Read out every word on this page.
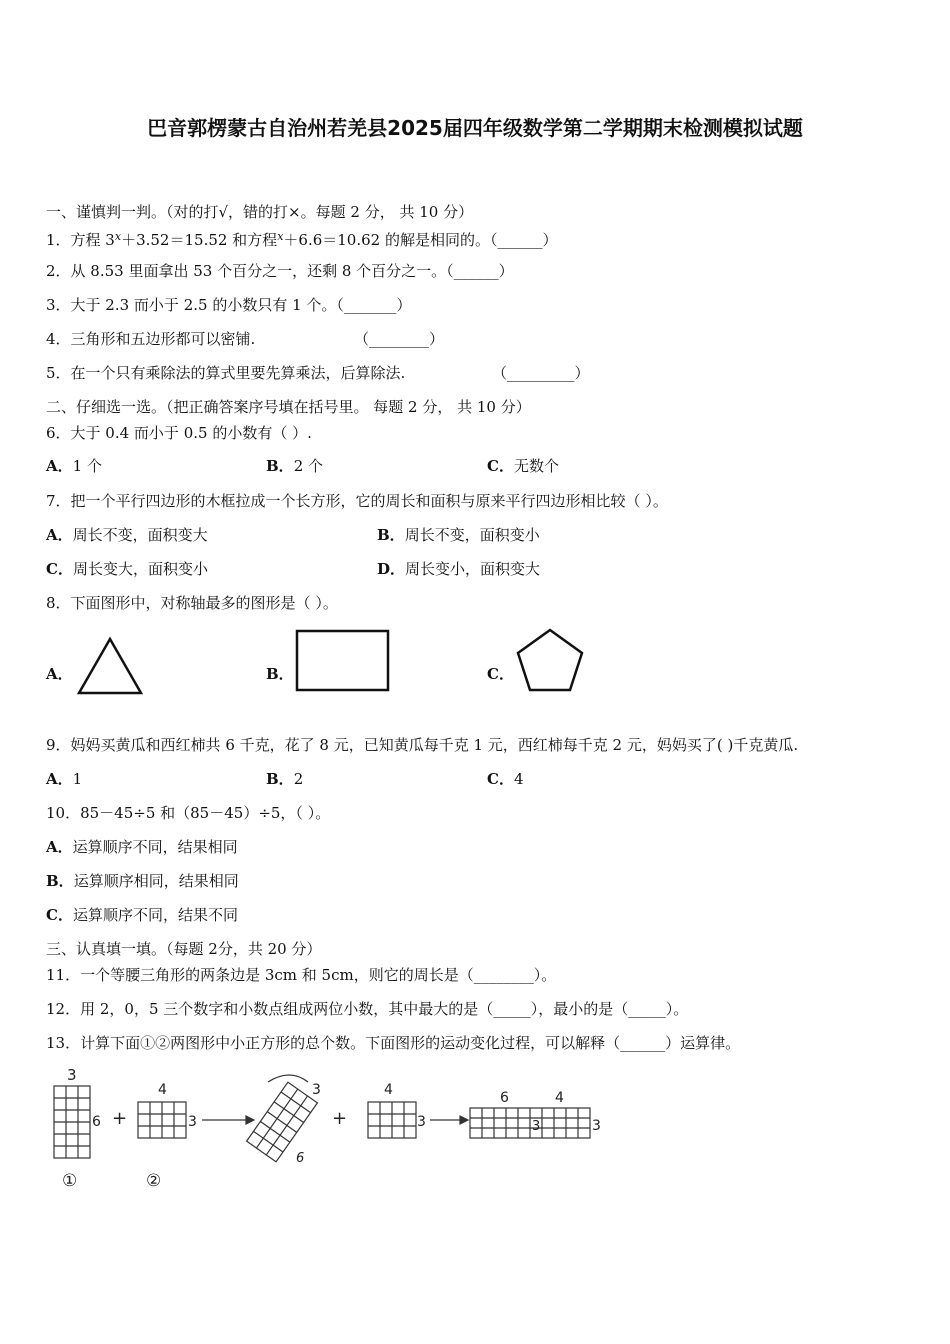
巴音郭楞蒙古自治州若羌县2025届四年级数学第二学期期末检测模拟试题
一、谨慎判一判。（对的打√，错的打×。每题 2 分， 共 10 分）
1．方程 $3^x+3.52=15.52$ 和方程$^x$＋6.6＝10.62 的解是相同的。（______）
2．从 8.53 里面拿出 53 个百分之一，还剩 8 个百分之一。（______）
3．大于 2.3 而小于 2.5 的小数只有 1 个。（_______）
4．三角形和五边形都可以密铺.	（________）
5．在一个只有乘除法的算式里要先算乘法，后算除法.	（_________）
二、仔细选一选。（把正确答案序号填在括号里。 每题 2 分， 共 10 分）
6．大于 0.4 而小于 0.5 的小数有（ ）.
A．1 个	B．2 个	C．无数个
7．把一个平行四边形的木框拉成一个长方形，它的周长和面积与原来平行四边形相比较（ ）。
A．周长不变，面积变大	B．周长不变，面积变小
C．周长变大，面积变小	D．周长变小，面积变大
8．下面图形中，对称轴最多的图形是（ ）。
A．	B．	C．
9．妈妈买黄瓜和西红柿共 6 千克，花了 8 元，已知黄瓜每千克 1 元，西红柿每千克 2 元，妈妈买了( )千克黄瓜.
A．1	B．2	C．4
10．85－45÷5 和（85－45）÷5，（ ）。
A．运算顺序不同，结果相同
B．运算顺序相同，结果相同
C．运算顺序不同，结果不同
三、认真填一填。（每题 2分，共 20 分）
11．一个等腰三角形的两条边是 3cm 和 5cm，则它的周长是（________）。
12．用 2，0，5 三个数字和小数点组成两位小数，其中最大的是（_____），最小的是（_____）。
13．计算下面①②两图形中小正方形的总个数。下面图形的运动变化过程，可以解释（______）运算律。
3
6 +
4
3
3
6
+
4
3
6	4
3	3
①	②
